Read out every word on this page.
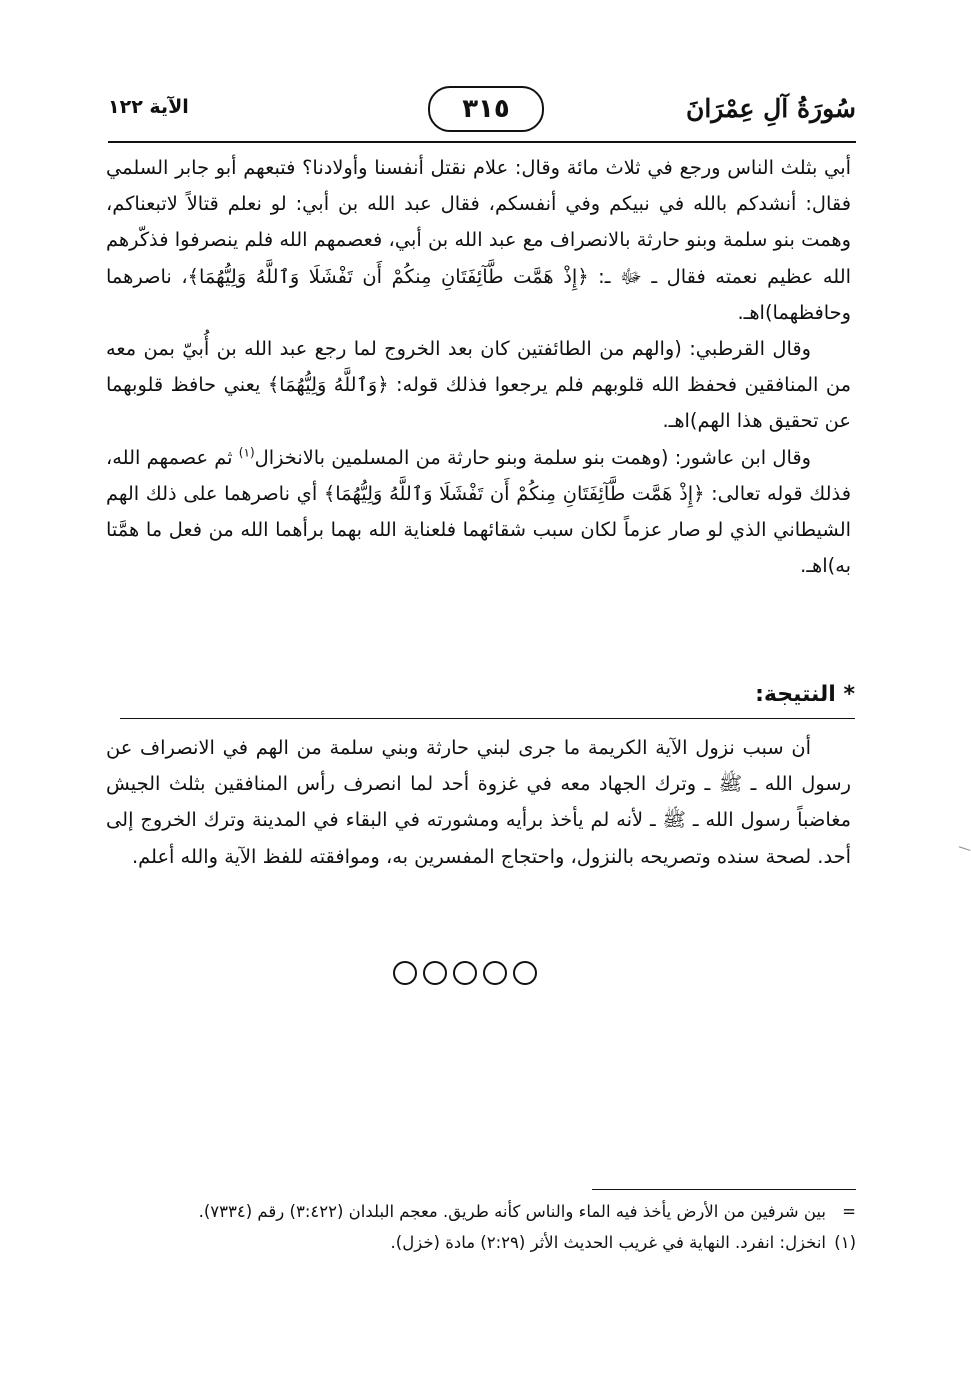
سُورَةُ آلِ عِمْرَانَ
٣١٥
الآية ١٢٢

أبي بثلث الناس ورجع في ثلاث مائة وقال: علام نقتل أنفسنا وأولادنا؟ فتبعهم أبو جابر السلمي فقال: أنشدكم بالله في نبيكم وفي أنفسكم، فقال عبد الله بن أبي: لو نعلم قتالاً لاتبعناكم، وهمت بنو سلمة وبنو حارثة بالانصراف مع عبد الله بن أبي، فعصمهم الله فلم ينصرفوا فذكّرهم الله عظيم نعمته فقال ـ ﷻ ـ: ﴿إِذْ هَمَّت طَّآئِفَتَانِ مِنكُمْ أَن تَفْشَلَا وَٱللَّهُ وَلِيُّهُمَا﴾، ناصرهما وحافظهما)اهـ.

وقال القرطبي: (والهم من الطائفتين كان بعد الخروج لما رجع عبد الله بن أُبيّ بمن معه من المنافقين فحفظ الله قلوبهم فلم يرجعوا فذلك قوله: ﴿وَٱللَّهُ وَلِيُّهُمَا﴾ يعني حافظ قلوبهما عن تحقيق هذا الهم)اهـ.

وقال ابن عاشور: (وهمت بنو سلمة وبنو حارثة من المسلمين بالانخزال$^{(١)}$ ثم عصمهم الله، فذلك قوله تعالى: ﴿إِذْ هَمَّت طَّآئِفَتَانِ مِنكُمْ أَن تَفْشَلَا وَٱللَّهُ وَلِيُّهُمَا﴾ أي ناصرهما على ذلك الهم الشيطاني الذي لو صار عزماً لكان سبب شقائهما فلعناية الله بهما برأهما الله من فعل ما همَّتا به)اهـ.

* النتيجة:

أن سبب نزول الآية الكريمة ما جرى لبني حارثة وبني سلمة من الهم في الانصراف عن رسول الله ـ ﷺ ـ وترك الجهاد معه في غزوة أحد لما انصرف رأس المنافقين بثلث الجيش مغاضباً رسول الله ـ ﷺ ـ لأنه لم يأخذ برأيه ومشورته في البقاء في المدينة وترك الخروج إلى أحد. لصحة سنده وتصريحه بالنزول، واحتجاج المفسرين به، وموافقته للفظ الآية والله أعلم.

=
بين شرفين من الأرض يأخذ فيه الماء والناس كأنه طريق. معجم البلدان (٣:٤٢٢) رقم (٧٣٣٤).
(١)
انخزل: انفرد. النهاية في غريب الحديث الأثر (٢:٢٩) مادة (خزل).
